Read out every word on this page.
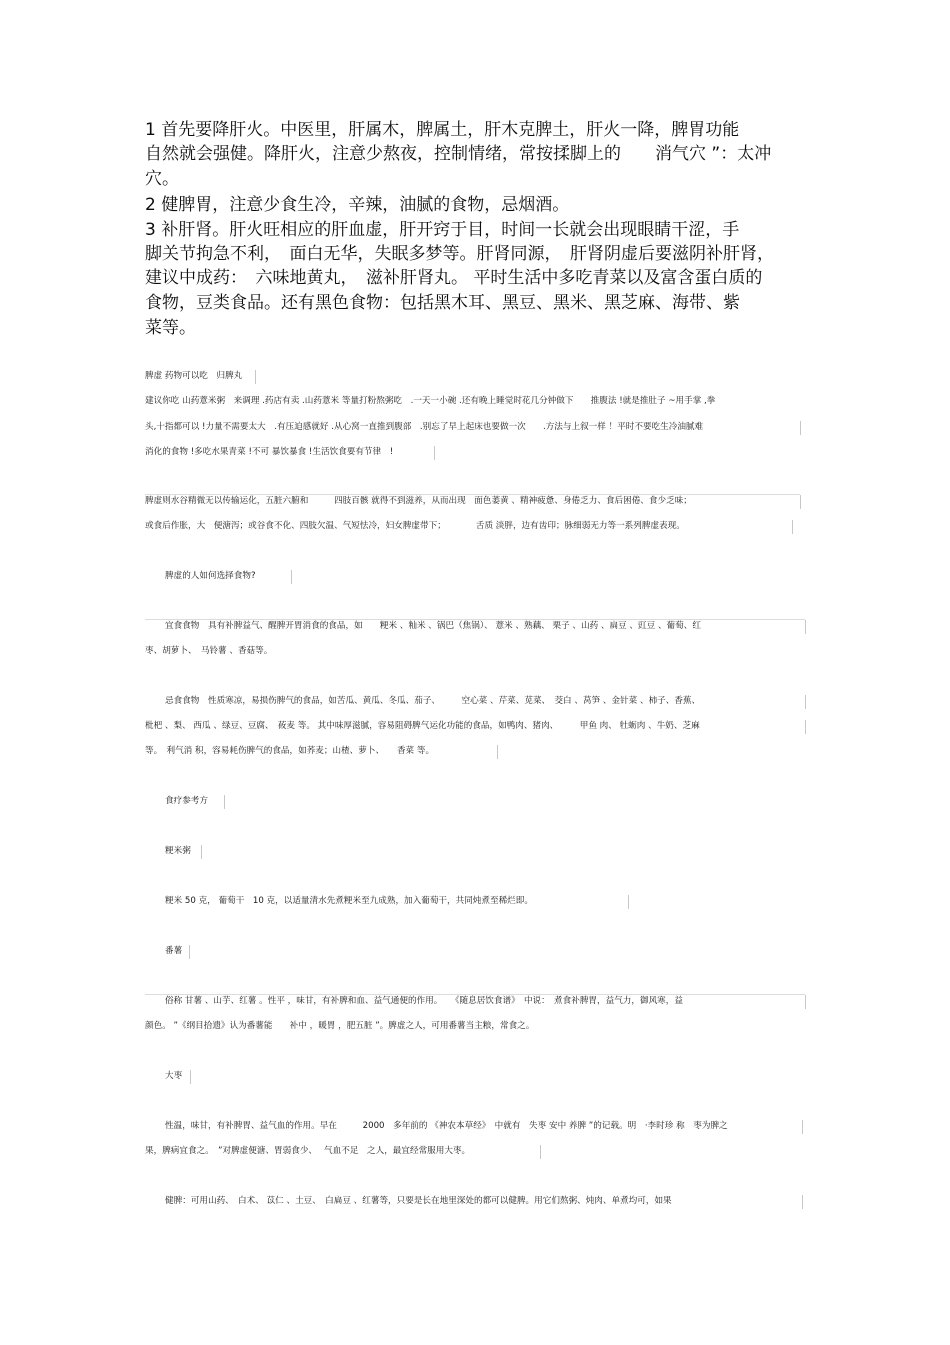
1 首先要降肝火。中医里，肝属木，脾属土，肝木克脾土，肝火一降，脾胃功能
自然就会强健。降肝火，注意少熬夜，控制情绪，常按揉脚上的　　消气穴 ”：太冲
穴。
2 健脾胃，注意少食生冷，辛辣，油腻的食物，忌烟酒。
3 补肝肾。肝火旺相应的肝血虚，肝开窍于目，时间一长就会出现眼睛干涩，手
脚关节拘急不利，　面白无华，失眠多梦等。肝肾同源，　肝肾阴虚后要滋阴补肝肾，
建议中成药：　六味地黄丸，　滋补肝肾丸。 平时生活中多吃青菜以及富含蛋白质的
食物，豆类食品。还有黑色食物：包括黑木耳、黑豆、黑米、黑芝麻、海带、紫
菜等。
脾虚 药物可以吃　归脾丸
建议你吃 山药薏米粥　来调理 .药店有卖 .山药薏米 等量打粉熬粥吃　.一天一小碗 .还有晚上睡觉时花几分钟做下　　推腹法 !就是推肚子 ~用手掌 ,拳
头,十指都可以 !力量不需要太大　.有压迫感就好 .从心窝一直推到腹部　.别忘了早上起床也要做一次　　.方法与上叙一样 ！平时不要吃生冷油腻难
消化的食物 !多吃水果青菜 !不可 暴饮暴食 !生活饮食要有节律　!
脾虚则水谷精微无以传输运化，五脏六腑和　　　四肢百骸 就得不到滋养，从而出现　面色萎黄 、精神疲惫、身倦乏力、食后困倦、食少乏味；
或食后作胀，大　便溏泻；或谷食不化、四肢欠温、气短怯冷，妇女脾虚带下；　　　　舌质 淡胖，边有齿印；脉细弱无力等一系列脾虚表现。
脾虚的人如何选择食物?
宜食食物　具有补脾益气、醒脾开胃消食的食品，如　　粳米 、籼米 、锅巴（焦锅）、 薏米 、熟藕、 栗子 、山药 、扁豆 、豇豆 、葡萄、红
枣、胡萝卜、　马铃薯 、香菇等。
忌食食物　性质寒凉，易损伤脾气的食品，如苦瓜、黄瓜、冬瓜、茄子、　　　空心菜 、芹菜、苋菜、　茭白 、莴笋 、金针菜 、柿子、香蕉、
枇杷 、梨、 西瓜 、绿豆、豆腐、　莜麦 等。 其中味厚滋腻，容易阻碍脾气运化功能的食品，如鸭肉、猪肉、　　　甲鱼 肉、 牡蛎肉 、牛奶、芝麻
等。　利气消 积，容易耗伤脾气的食品，如荞麦；山楂、萝卜、　　香菜 等。
食疗参考方
粳米粥
粳米 50 克， 葡萄干　10 克，以适量清水先煮粳米至九成熟，加入葡萄干，共同炖煮至稀烂即。
番薯
俗称 甘薯 、山芋、红薯 。性平 ，味甘，有补脾和血、益气通便的作用。　　《随息居饮食谱》　中说：　煮食补脾胃，益气力，御风寒，益
颜色。 ”《纲目拾遗》认为番薯能　　补中 ，暖胃 ，肥五脏 ”。脾虚之人，可用番薯当主粮，常食之。
大枣
性温，味甘，有补脾胃、益气血的作用。早在　　　2000　多年前的 《神农本草经》　中就有　失枣 安中 养脾 ”的记载。明　·李时珍 称　枣为脾之
果，脾病宜食之。　”对脾虚便溏、胃弱食少、　 气血不足　之人，最宜经常服用大枣。
健脾：可用山药、　白术、 苡仁 、土豆、　白扁豆 、红薯等，只要是长在地里深处的都可以健脾。用它们熬粥、炖肉、单煮均可，如果
